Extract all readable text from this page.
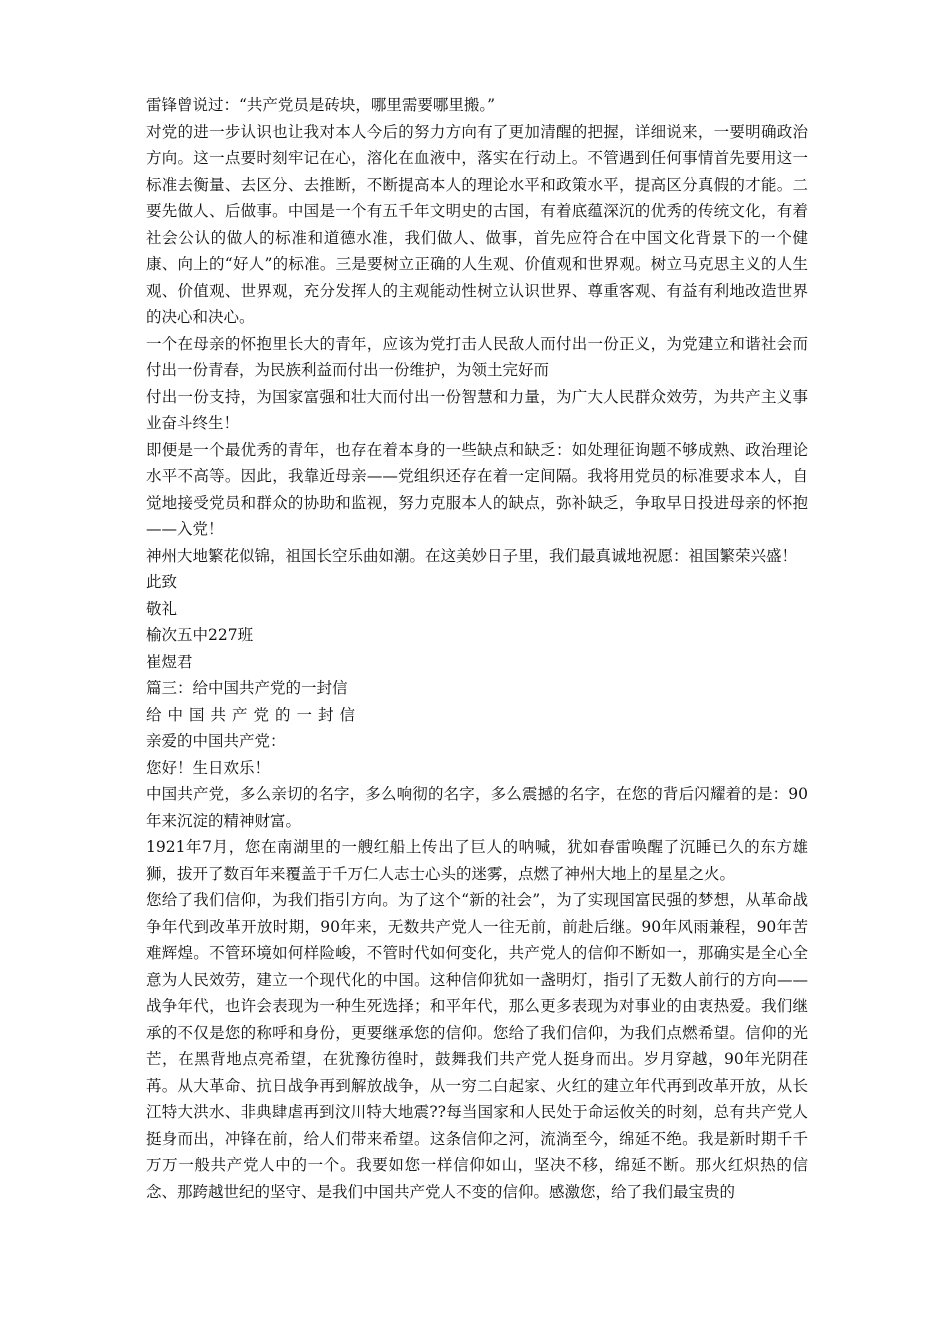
雷锋曾说过：“共产党员是砖块，哪里需要哪里搬。”

对党的进一步认识也让我对本人今后的努力方向有了更加清醒的把握，详细说来，一要明确政治方向。这一点要时刻牢记在心，溶化在血液中，落实在行动上。不管遇到任何事情首先要用这一标准去衡量、去区分、去推断，不断提高本人的理论水平和政策水平，提高区分真假的才能。二要先做人、后做事。中国是一个有五千年文明史的古国，有着底蕴深沉的优秀的传统文化，有着社会公认的做人的标准和道德水准，我们做人、做事，首先应符合在中国文化背景下的一个健康、向上的“好人”的标准。三是要树立正确的人生观、价值观和世界观。树立马克思主义的人生观、价值观、世界观，充分发挥人的主观能动性树立认识世界、尊重客观、有益有利地改造世界的决心和决心。

一个在母亲的怀抱里长大的青年，应该为党打击人民敌人而付出一份正义，为党建立和谐社会而付出一份青春，为民族利益而付出一份维护，为领土完好而

付出一份支持，为国家富强和壮大而付出一份智慧和力量，为广大人民群众效劳，为共产主义事业奋斗终生！

即便是一个最优秀的青年，也存在着本身的一些缺点和缺乏：如处理征询题不够成熟、政治理论水平不高等。因此，我靠近母亲——党组织还存在着一定间隔。我将用党员的标准要求本人，自觉地接受党员和群众的协助和监视，努力克服本人的缺点，弥补缺乏，争取早日投进母亲的怀抱——入党！

神州大地繁花似锦，祖国长空乐曲如潮。在这美妙日子里，我们最真诚地祝愿：祖国繁荣兴盛！

此致

敬礼

榆次五中227班

崔煜君

篇三：给中国共产党的一封信

给中国共产党的一封信

亲爱的中国共产党：

您好！生日欢乐！

中国共产党，多么亲切的名字，多么响彻的名字，多么震撼的名字，在您的背后闪耀着的是：90年来沉淀的精神财富。

1921年7月，您在南湖里的一艘红船上传出了巨人的呐喊，犹如春雷唤醒了沉睡已久的东方雄狮，拔开了数百年来覆盖于千万仁人志士心头的迷雾，点燃了神州大地上的星星之火。

您给了我们信仰，为我们指引方向。为了这个“新的社会”，为了实现国富民强的梦想，从革命战争年代到改革开放时期，90年来，无数共产党人一往无前，前赴后继。90年风雨兼程，90年苦难辉煌。不管环境如何样险峻，不管时代如何变化，共产党人的信仰不断如一，那确实是全心全意为人民效劳，建立一个现代化的中国。这种信仰犹如一盏明灯，指引了无数人前行的方向——战争年代，也许会表现为一种生死选择；和平年代，那么更多表现为对事业的由衷热爱。我们继承的不仅是您的称呼和身份，更要继承您的信仰。您给了我们信仰，为我们点燃希望。信仰的光芒，在黑背地点亮希望，在犹豫彷徨时，鼓舞我们共产党人挺身而出。岁月穿越，90年光阴荏苒。从大革命、抗日战争再到解放战争，从一穷二白起家、火红的建立年代再到改革开放，从长江特大洪水、非典肆虐再到汶川特大地震??每当国家和人民处于命运攸关的时刻，总有共产党人挺身而出，冲锋在前，给人们带来希望。这条信仰之河，流淌至今，绵延不绝。我是新时期千千万万一般共产党人中的一个。我要如您一样信仰如山，坚决不移，绵延不断。那火红炽热的信念、那跨越世纪的坚守、是我们中国共产党人不变的信仰。感激您，给了我们最宝贵的
